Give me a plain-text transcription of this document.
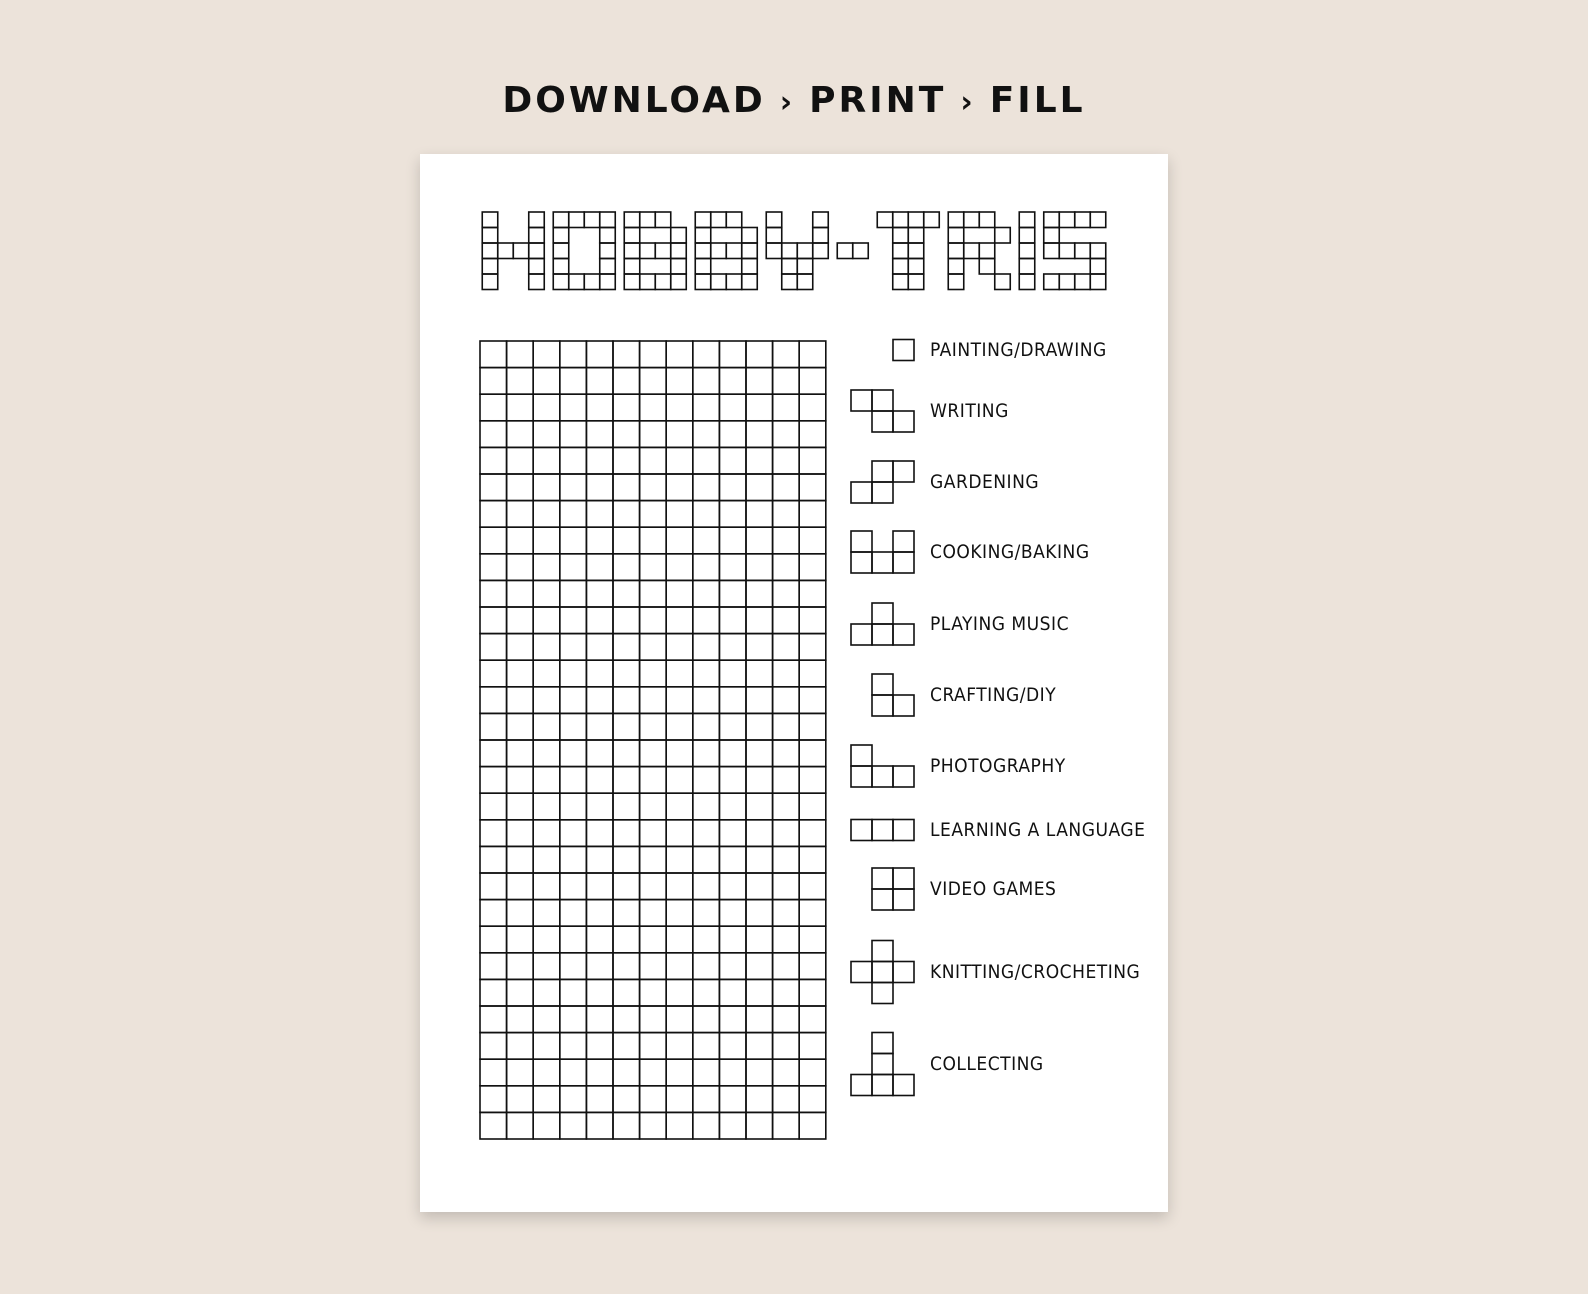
DOWNLOAD › PRINT › FILL
PAINTING/DRAWING
WRITING
GARDENING
COOKING/BAKING
PLAYING MUSIC
CRAFTING/DIY
PHOTOGRAPHY
LEARNING A LANGUAGE
VIDEO GAMES
KNITTING/CROCHETING
COLLECTING
